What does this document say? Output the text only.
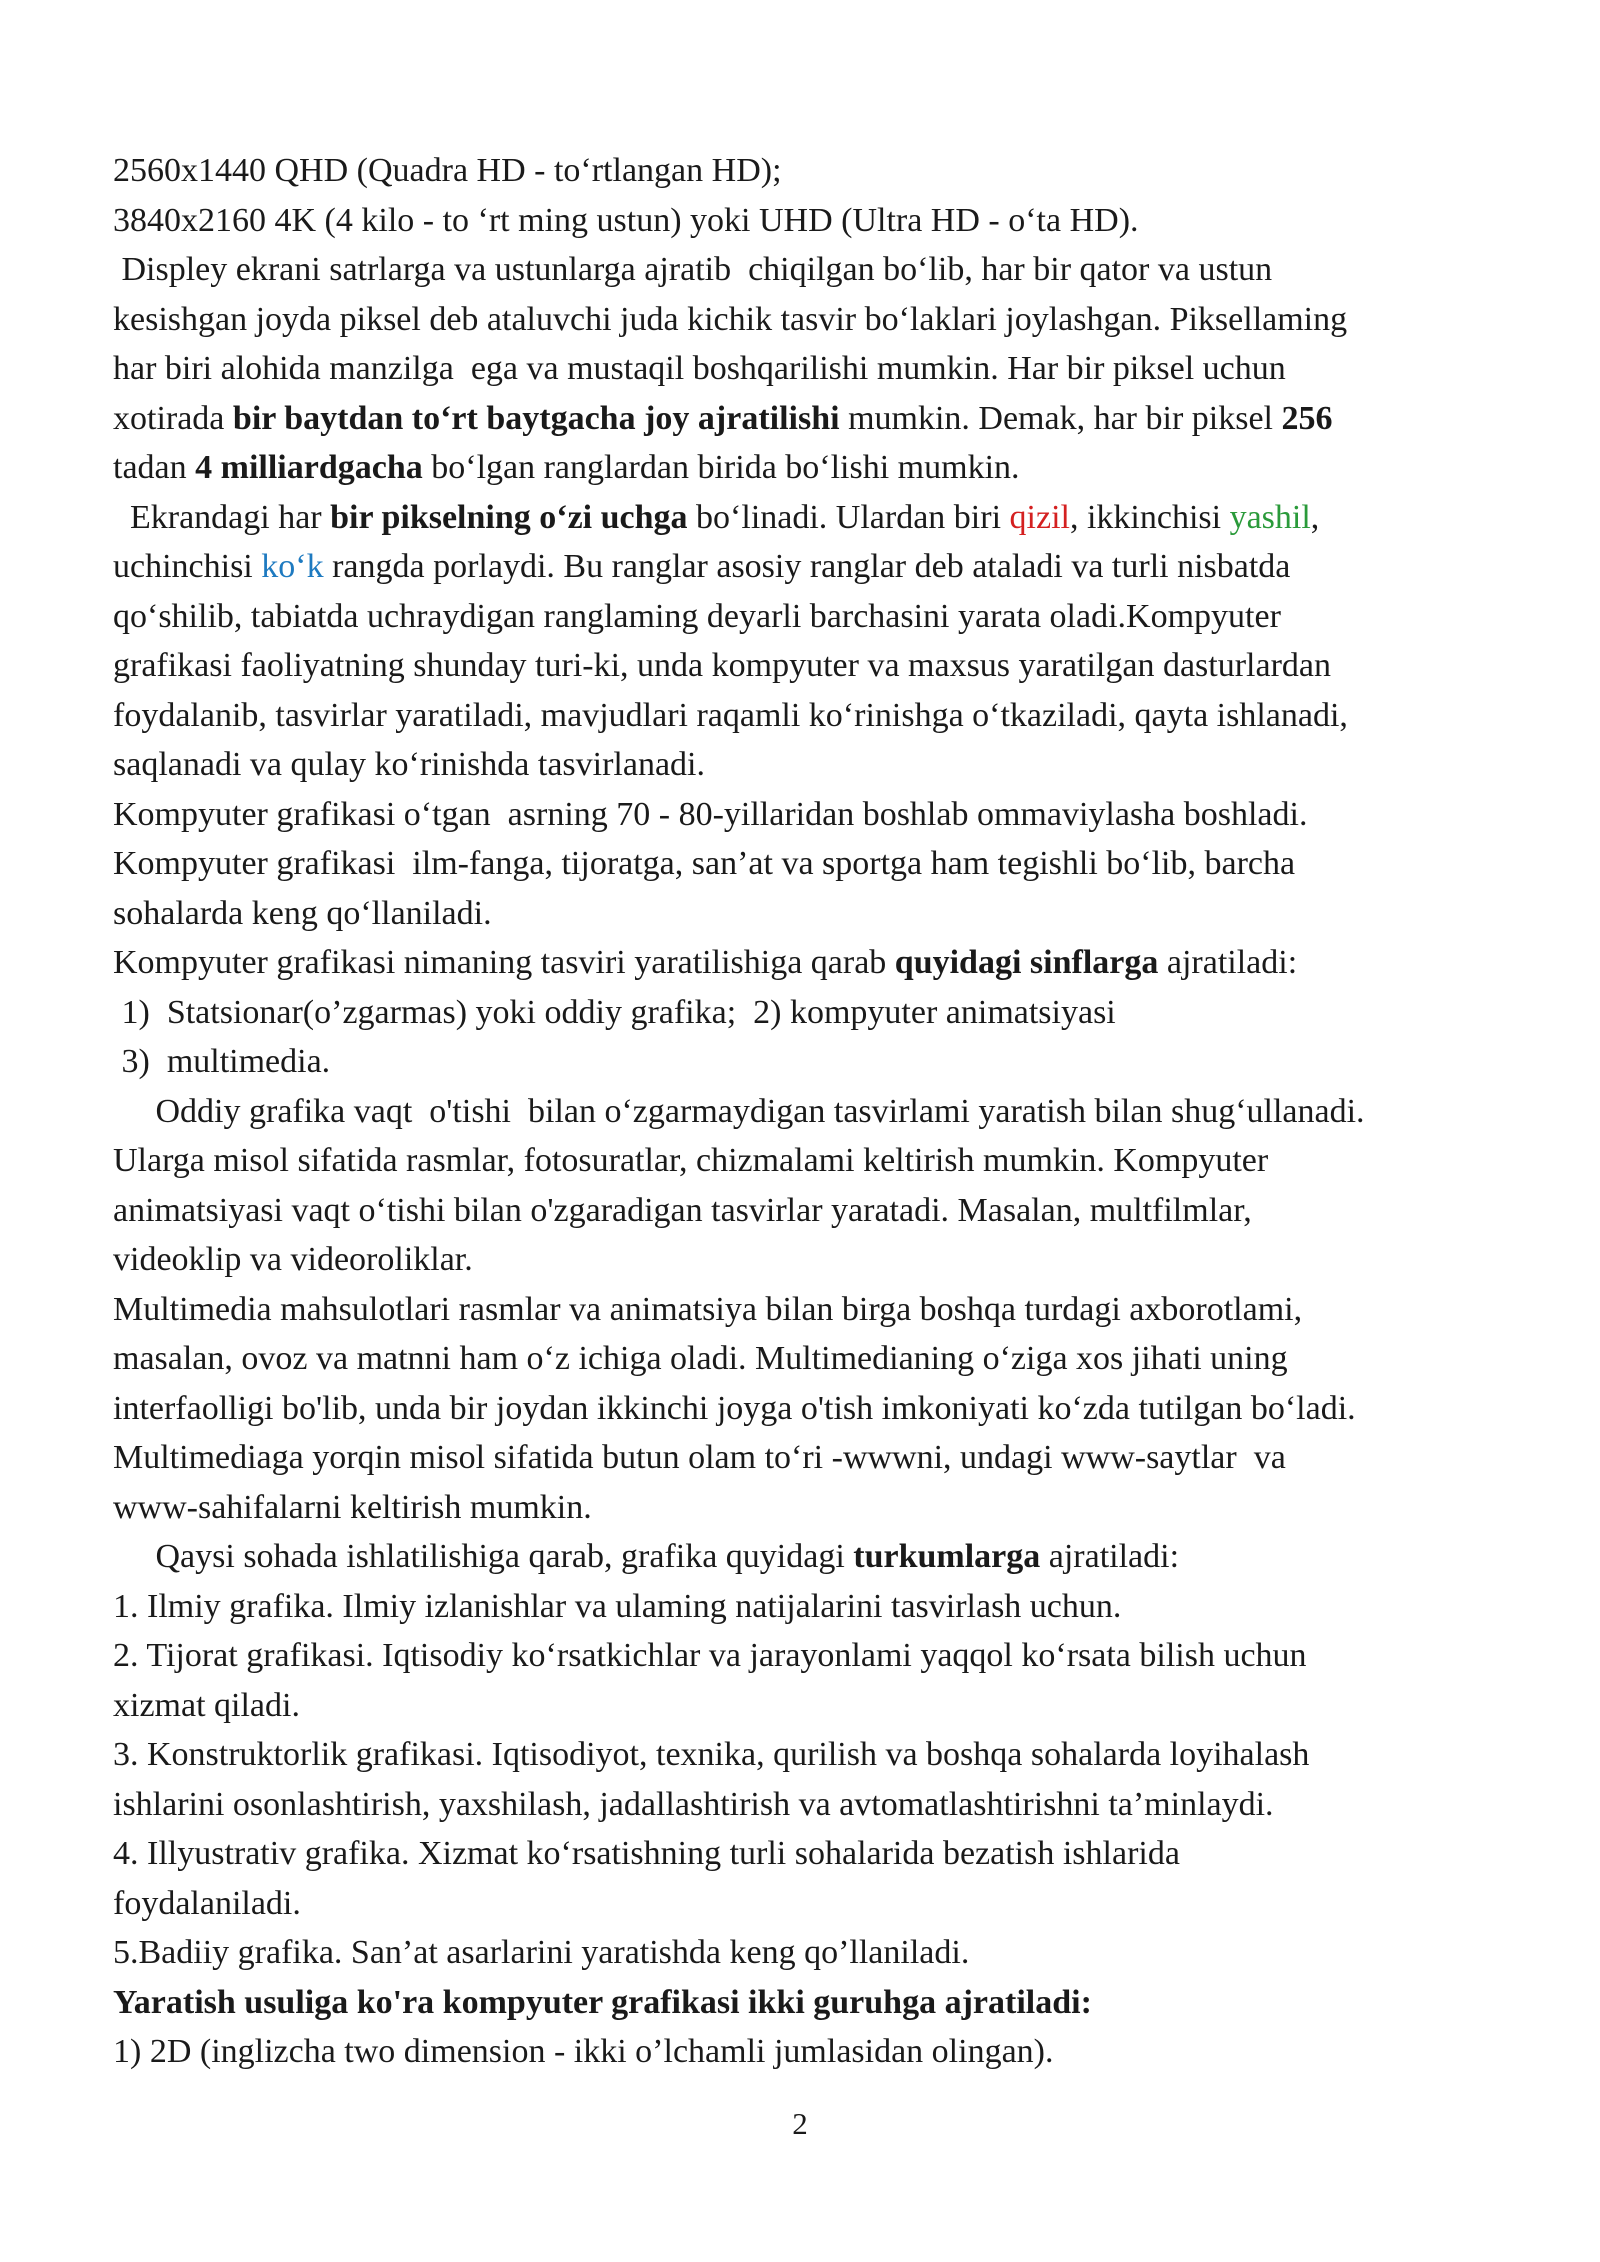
2560x1440 QHD (Quadra HD - to‘rtlangan HD);
3840x2160 4K (4 kilo - to ‘rt ming ustun) yoki UHD (Ultra HD - o‘ta HD).
Displey ekrani satrlarga va ustunlarga ajratib  chiqilgan bo‘lib, har bir qator va ustun
kesishgan joyda piksel deb ataluvchi juda kichik tasvir bo‘laklari joylashgan. Piksellaming
har biri alohida manzilga  ega va mustaqil boshqarilishi mumkin. Har bir piksel uchun
xotirada bir baytdan to‘rt baytgacha joy ajratilishi mumkin. Demak, har bir piksel 256
tadan 4 milliardgacha bo‘lgan ranglardan birida bo‘lishi mumkin.
Ekrandagi har bir pikselning o‘zi uchga bo‘linadi. Ulardan biri qizil, ikkinchisi yashil,
uchinchisi ko‘k rangda porlaydi. Bu ranglar asosiy ranglar deb ataladi va turli nisbatda
qo‘shilib, tabiatda uchraydigan ranglaming deyarli barchasini yarata oladi.Kompyuter
grafikasi faoliyatning shunday turi-ki, unda kompyuter va maxsus yaratilgan dasturlardan
foydalanib, tasvirlar yaratiladi, mavjudlari raqamli ko‘rinishga o‘tkaziladi, qayta ishlanadi,
saqlanadi va qulay ko‘rinishda tasvirlanadi.
Kompyuter grafikasi o‘tgan  asrning 70 - 80-yillaridan boshlab ommaviylasha boshladi.
Kompyuter grafikasi  ilm-fanga, tijoratga, san’at va sportga ham tegishli bo‘lib, barcha
sohalarda keng qo‘llaniladi.
Kompyuter grafikasi nimaning tasviri yaratilishiga qarab quyidagi sinflarga ajratiladi:
1)  Statsionar(o’zgarmas) yoki oddiy grafika;  2) kompyuter animatsiyasi
3)  multimedia.
Oddiy grafika vaqt  o'tishi  bilan o‘zgarmaydigan tasvirlami yaratish bilan shug‘ullanadi.
Ularga misol sifatida rasmlar, fotosuratlar, chizmalami keltirish mumkin. Kompyuter
animatsiyasi vaqt o‘tishi bilan o'zgaradigan tasvirlar yaratadi. Masalan, multfilmlar,
videoklip va videoroliklar.
Multimedia mahsulotlari rasmlar va animatsiya bilan birga boshqa turdagi axborotlami,
masalan, ovoz va matnni ham o‘z ichiga oladi. Multimedianing o‘ziga xos jihati uning
interfaolligi bo'lib, unda bir joydan ikkinchi joyga o'tish imkoniyati ko‘zda tutilgan bo‘ladi.
Multimediaga yorqin misol sifatida butun olam to‘ri -wwwni, undagi www-saytlar  va
www-sahifalarni keltirish mumkin.
Qaysi sohada ishlatilishiga qarab, grafika quyidagi turkumlarga ajratiladi:
1. Ilmiy grafika. Ilmiy izlanishlar va ulaming natijalarini tasvirlash uchun.
2. Tijorat grafikasi. Iqtisodiy ko‘rsatkichlar va jarayonlami yaqqol ko‘rsata bilish uchun
xizmat qiladi.
3. Konstruktorlik grafikasi. Iqtisodiyot, texnika, qurilish va boshqa sohalarda loyihalash
ishlarini osonlashtirish, yaxshilash, jadallashtirish va avtomatlashtirishni ta’minlaydi.
4. Illyustrativ grafika. Xizmat ko‘rsatishning turli sohalarida bezatish ishlarida
foydalaniladi.
5.Badiiy grafika. San’at asarlarini yaratishda keng qo’llaniladi.
Yaratish usuliga ko'ra kompyuter grafikasi ikki guruhga ajratiladi:
1) 2D (inglizcha two dimension - ikki o’lchamli jumlasidan olingan).
2
